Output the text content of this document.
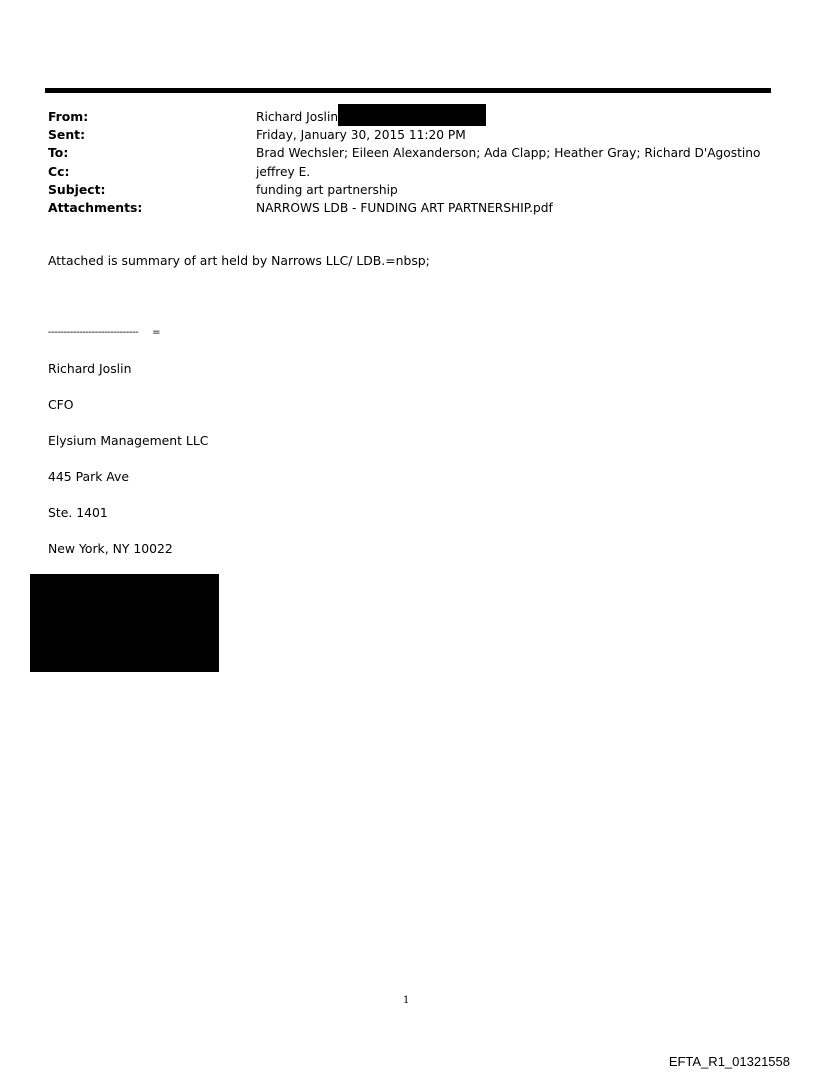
From:	Richard Joslin
Sent:	Friday, January 30, 2015 11:20 PM
To:	Brad Wechsler; Eileen Alexanderson; Ada Clapp; Heather Gray; Richard D'Agostino
Cc:	jeffrey E.
Subject:	funding art partnership
Attachments:	NARROWS LDB - FUNDING ART PARTNERSHIP.pdf
Attached is summary of art held by Narrows LLC/ LDB.=nbsp;
----------------------------- =
Richard Joslin
CFO
Elysium Management LLC
445 Park Ave
Ste. 1401
New York, NY 10022
1
EFTA_R1_01321558
